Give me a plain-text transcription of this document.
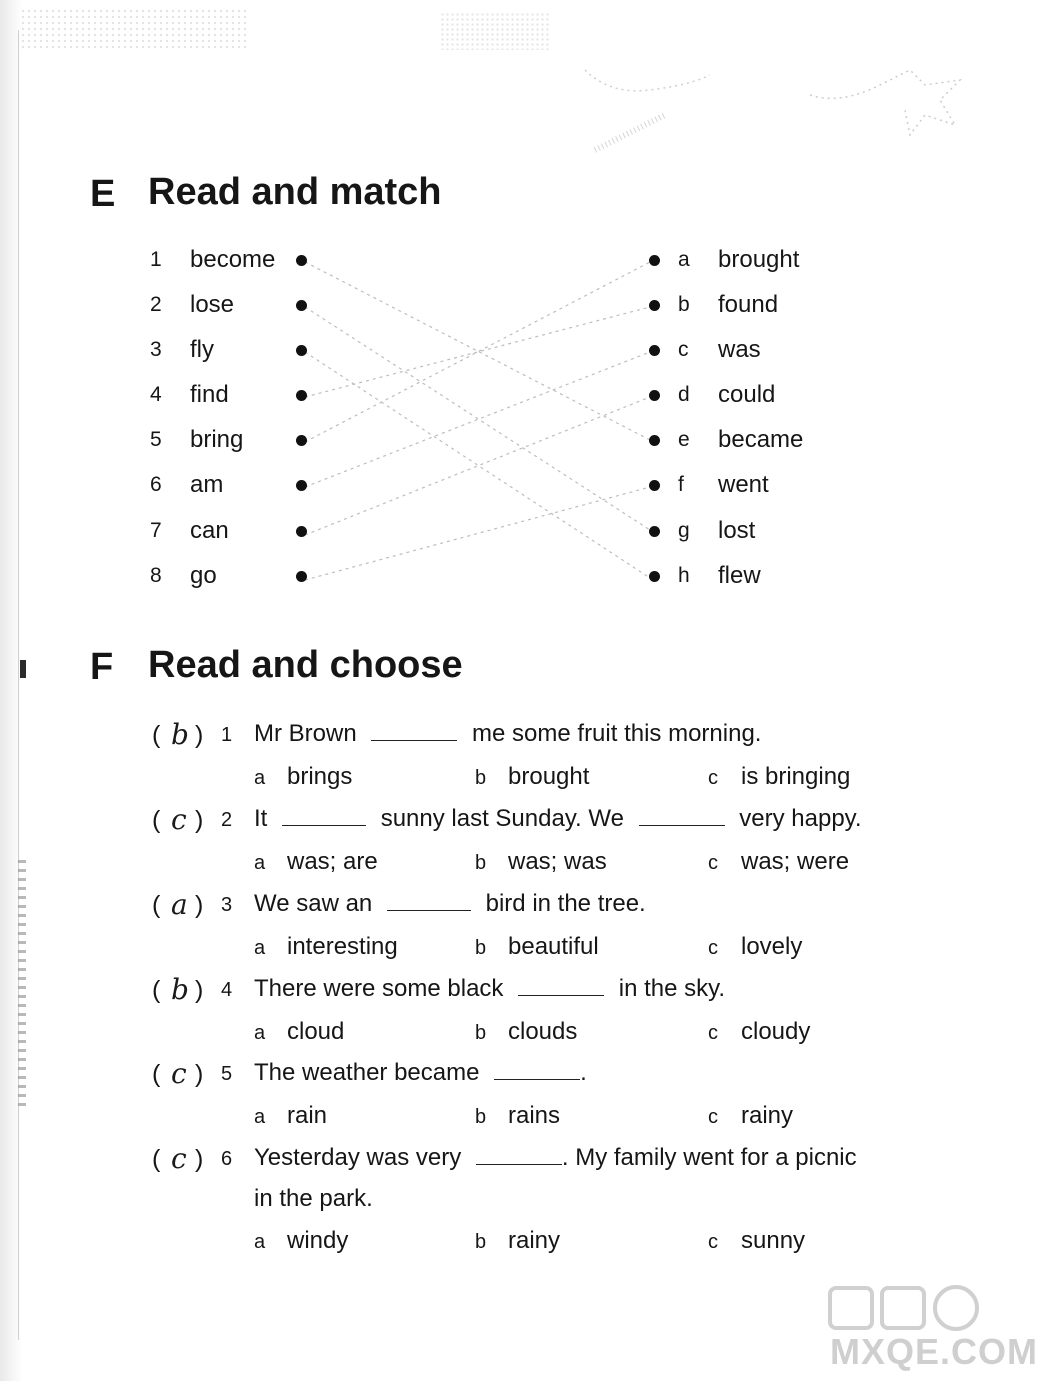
E Read and match
1 become	a brought
2 lose	b found
3 fly	c was
4 find	d could
5 bring	e became
6 am	f went
7 can	g lost
8 go	h flew
F Read and choose
( b ) 1 Mr Brown	me some fruit this morning.
a brings	b brought	c is bringing
( c ) 2 It	sunny last Sunday. We	very happy.
a was; are	b was; was	c was; were
( a ) 3 We saw an	bird in the tree.
a interesting	b beautiful	c lovely
( b ) 4 There were some black	in the sky.
a cloud	b clouds	c cloudy
( c ) 5 The weather became	.
a rain	b rains	c rainy
( c ) 6 Yesterday was very	. My family went for a picnic
in the park.
a windy	b rainy	c sunny
MXQE.COM
